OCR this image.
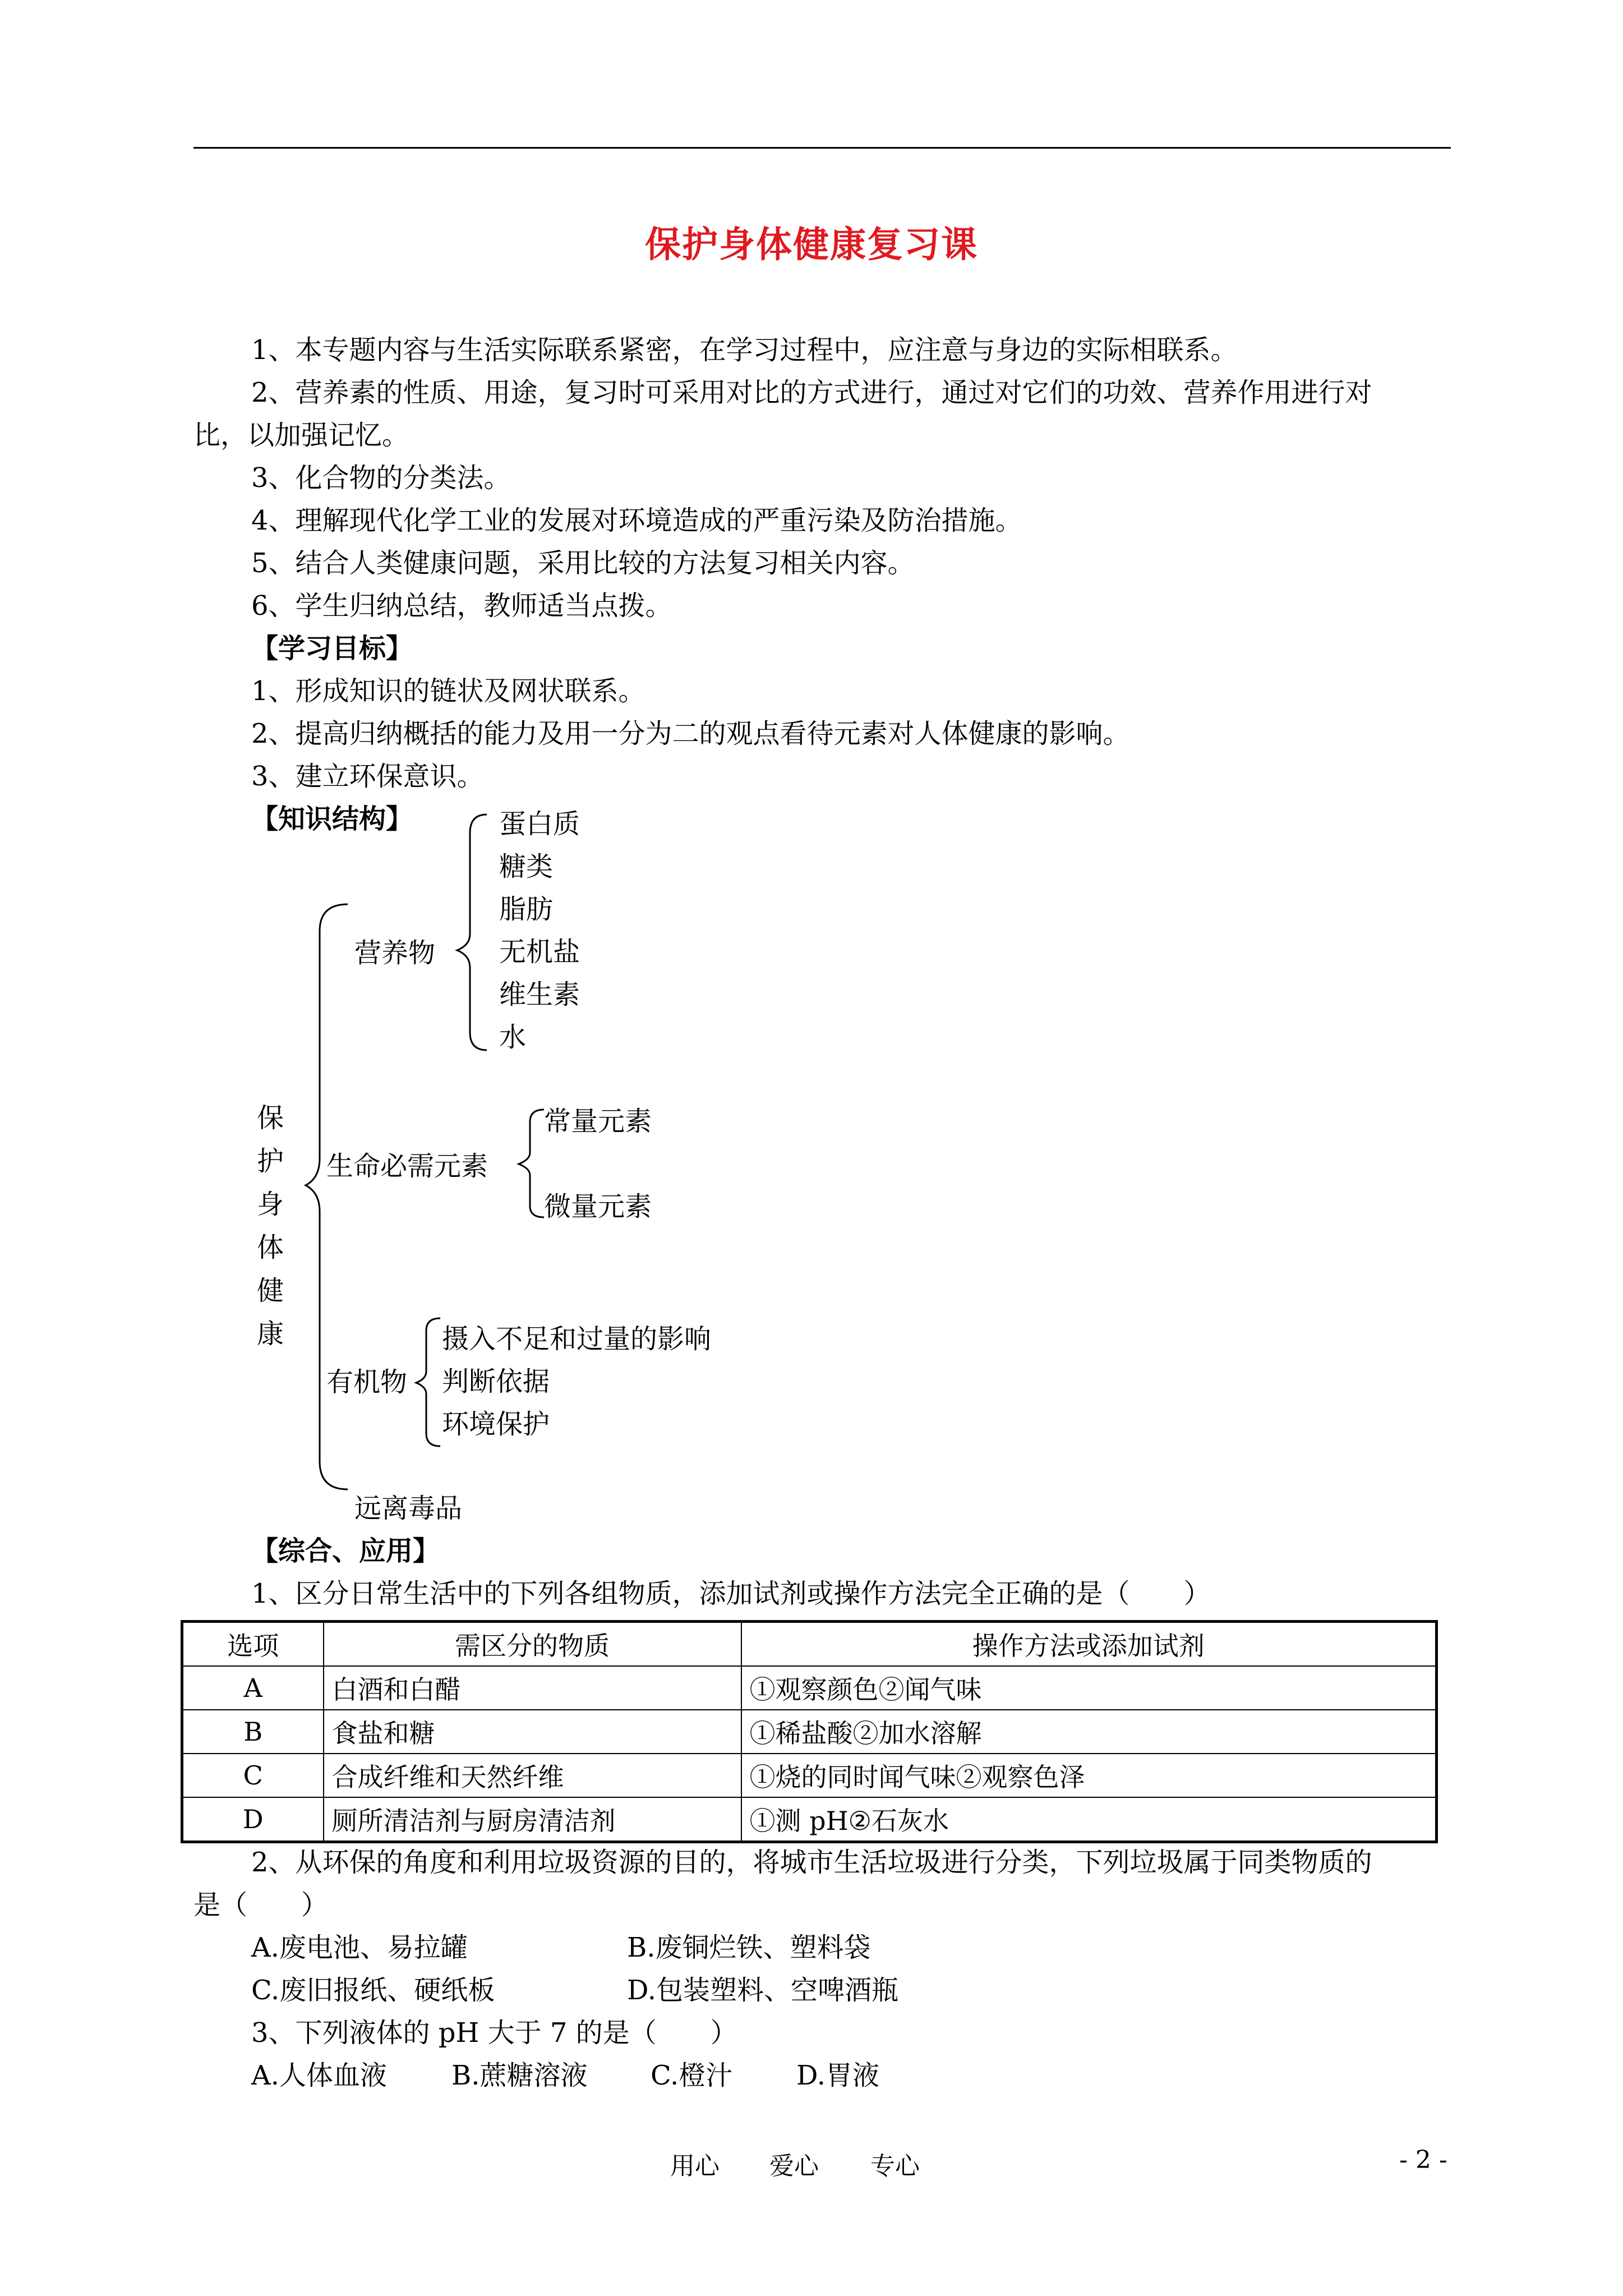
保护身体健康复习课
1、本专题内容与生活实际联系紧密，在学习过程中，应注意与身边的实际相联系。
2、营养素的性质、用途，复习时可采用对比的方式进行，通过对它们的功效、营养作用进行对
比，以加强记忆。
3、化合物的分类法。
4、理解现代化学工业的发展对环境造成的严重污染及防治措施。
5、结合人类健康问题，采用比较的方法复习相关内容。
6、学生归纳总结，教师适当点拨。
【学习目标】
1、形成知识的链状及网状联系。
2、提高归纳概括的能力及用一分为二的观点看待元素对人体健康的影响。
3、建立环保意识。
【知识结构】
保
护
身
体
健
康
营养物
蛋白质
糖类
脂肪
无机盐
维生素
水
生命必需元素
常量元素
微量元素
有机物
摄入不足和过量的影响
判断依据
环境保护
远离毒品
【综合、应用】
1、区分日常生活中的下列各组物质，添加试剂或操作方法完全正确的是（　　）
选项	需区分的物质	操作方法或添加试剂
A	白酒和白醋	①观察颜色②闻气味
B	食盐和糖	①稀盐酸②加水溶解
C	合成纤维和天然纤维	①烧的同时闻气味②观察色泽
D	厕所清洁剂与厨房清洁剂	①测 pH②石灰水
2、从环保的角度和利用垃圾资源的目的，将城市生活垃圾进行分类，下列垃圾属于同类物质的
是（　　）
A.废电池、易拉罐	B.废铜烂铁、塑料袋
C.废旧报纸、硬纸板	D.包装塑料、空啤酒瓶
3、下列液体的 pH 大于 7 的是（　　）
A.人体血液 B.蔗糖溶液 C.橙汁 D.胃液
用心 爱心 专心	- 2 -
